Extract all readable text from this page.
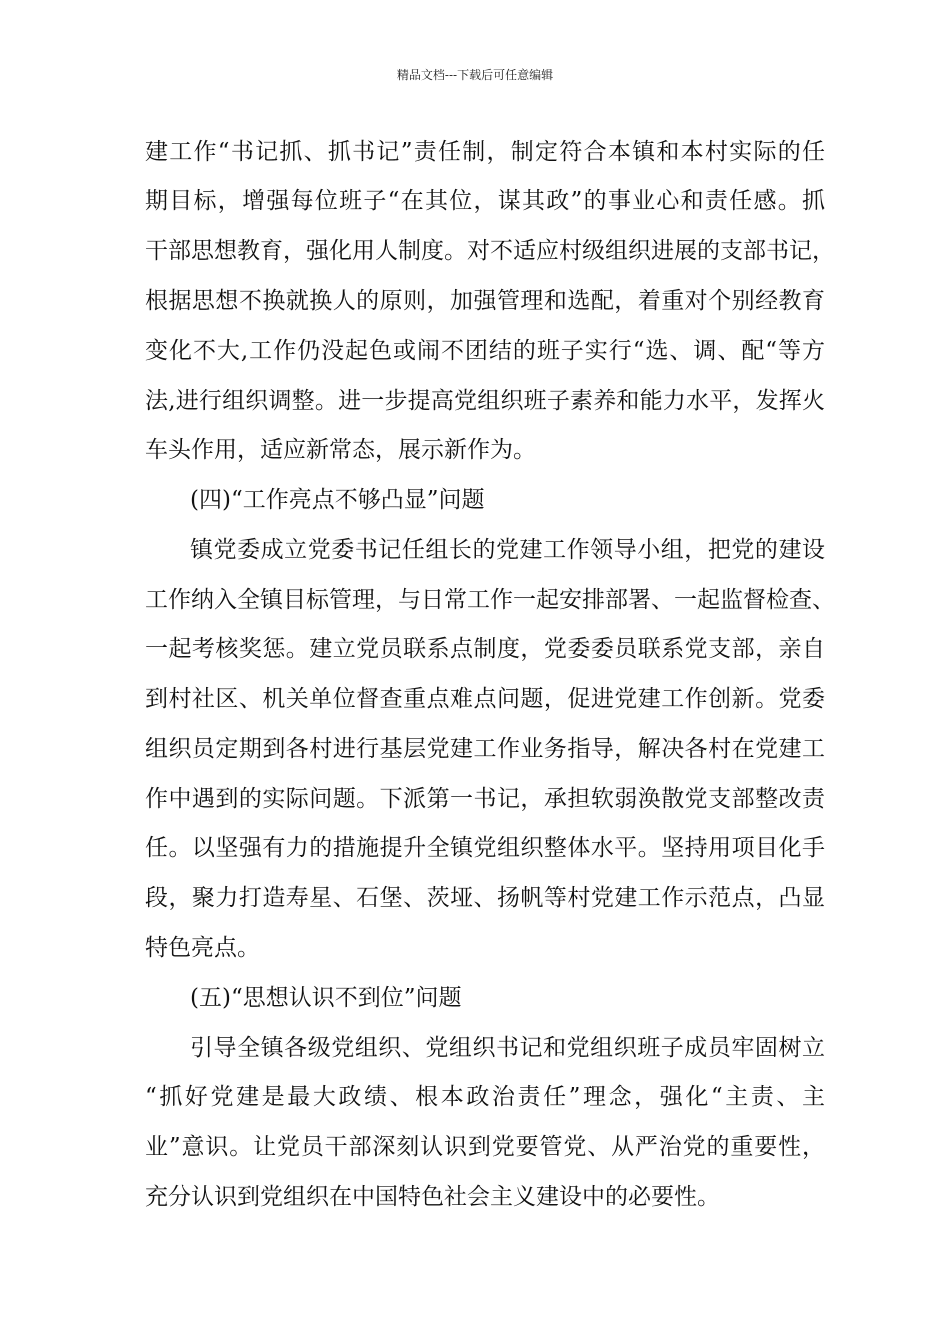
精品文档---下载后可任意编辑
建工作“书记抓、抓书记”责任制，制定符合本镇和本村实际的任
期目标，增强每位班子“在其位，谋其政”的事业心和责任感。抓
干部思想教育，强化用人制度。对不适应村级组织进展的支部书记，
根据思想不换就换人的原则，加强管理和选配，着重对个别经教育
变化不大,工作仍没起色或闹不团结的班子实行“选、调、配“等方
法,进行组织调整。进一步提高党组织班子素养和能力水平，发挥火
车头作用，适应新常态，展示新作为。
(四)“工作亮点不够凸显”问题
镇党委成立党委书记任组长的党建工作领导小组，把党的建设
工作纳入全镇目标管理，与日常工作一起安排部署、一起监督检查、
一起考核奖惩。建立党员联系点制度，党委委员联系党支部，亲自
到村社区、机关单位督查重点难点问题，促进党建工作创新。党委
组织员定期到各村进行基层党建工作业务指导，解决各村在党建工
作中遇到的实际问题。下派第一书记，承担软弱涣散党支部整改责
任。以坚强有力的措施提升全镇党组织整体水平。坚持用项目化手
段，聚力打造寿星、石堡、茨垭、扬帆等村党建工作示范点，凸显
特色亮点。
(五)“思想认识不到位”问题
引导全镇各级党组织、党组织书记和党组织班子成员牢固树立
“抓好党建是最大政绩、根本政治责任”理念，强化“主责、主
业”意识。让党员干部深刻认识到党要管党、从严治党的重要性，
充分认识到党组织在中国特色社会主义建设中的必要性。
